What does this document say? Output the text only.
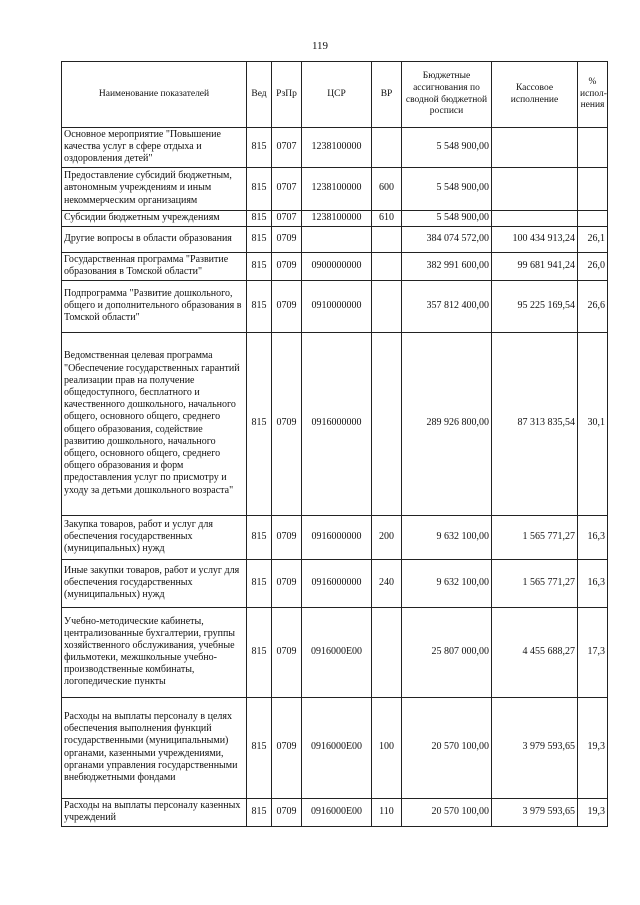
119
Наименование показателей	Вед	РзПр	ЦСР	ВР	Бюджетные ассигнования по сводной бюджетной росписи	Кассовое исполнение	% испол-нения
Основное мероприятие "Повышение качества услуг в сфере отдыха и оздоровления детей"	815	0707	1238100000		5 548 900,00		
Предоставление субсидий бюджетным, автономным учреждениям и иным некоммерческим организациям	815	0707	1238100000	600	5 548 900,00		
Субсидии бюджетным учреждениям	815	0707	1238100000	610	5 548 900,00		
Другие вопросы в области образования	815	0709			384 074 572,00	100 434 913,24	26,1
Государственная программа "Развитие образования в Томской области"	815	0709	0900000000		382 991 600,00	99 681 941,24	26,0
Подпрограмма "Развитие дошкольного, общего и дополнительного образования в Томской области"	815	0709	0910000000		357 812 400,00	95 225 169,54	26,6
Ведомственная целевая программа "Обеспечение государственных гарантий реализации прав на получение общедоступного, бесплатного и качественного дошкольного, начального общего, основного общего, среднего общего образования, содействие развитию дошкольного, начального общего, основного общего, среднего общего образования и форм предоставления услуг по присмотру и уходу за детьми дошкольного возраста"	815	0709	0916000000		289 926 800,00	87 313 835,54	30,1
Закупка товаров, работ и услуг для обеспечения государственных (муниципальных) нужд	815	0709	0916000000	200	9 632 100,00	1 565 771,27	16,3
Иные закупки товаров, работ и услуг для обеспечения государственных (муниципальных) нужд	815	0709	0916000000	240	9 632 100,00	1 565 771,27	16,3
Учебно-методические кабинеты, централизованные бухгалтерии, группы хозяйственного обслуживания, учебные фильмотеки, межшкольные учебно-производственные комбинаты, логопедические пункты	815	0709	0916000Е00		25 807 000,00	4 455 688,27	17,3
Расходы на выплаты персоналу в целях обеспечения выполнения функций государственными (муниципальными) органами, казенными учреждениями, органами управления государственными внебюджетными фондами	815	0709	0916000Е00	100	20 570 100,00	3 979 593,65	19,3
Расходы на выплаты персоналу казенных учреждений	815	0709	0916000Е00	110	20 570 100,00	3 979 593,65	19,3
